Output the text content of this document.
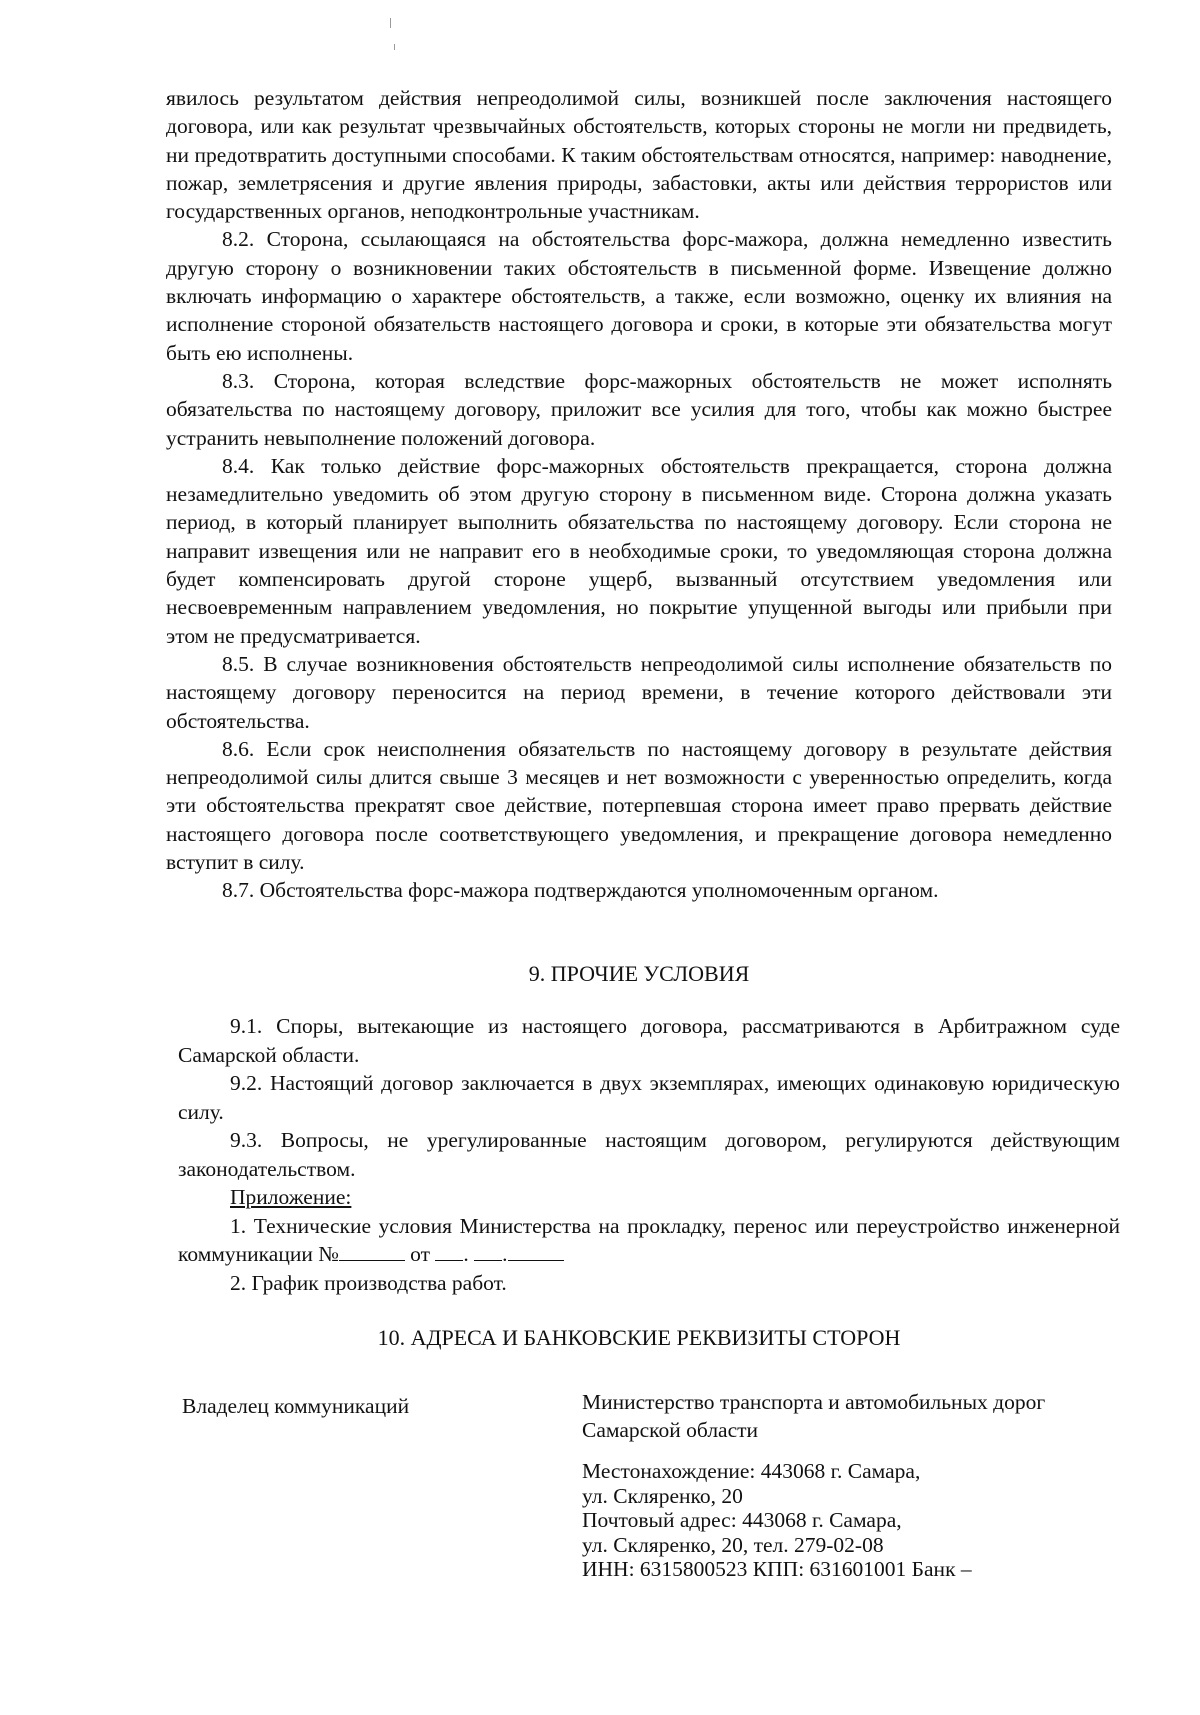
явилось результатом действия непреодолимой силы, возникшей после заключения настоящего договора, или как результат чрезвычайных обстоятельств, которых стороны не могли ни предвидеть, ни предотвратить доступными способами. К таким обстоятельствам относятся, например: наводнение, пожар, землетрясения и другие явления природы, забастовки, акты или действия террористов или государственных органов, неподконтрольные участникам.

8.2. Сторона, ссылающаяся на обстоятельства форс-мажора, должна немедленно известить другую сторону о возникновении таких обстоятельств в письменной форме. Извещение должно включать информацию о характере обстоятельств, а также, если возможно, оценку их влияния на исполнение стороной обязательств настоящего договора и сроки, в которые эти обязательства могут быть ею исполнены.

8.3. Сторона, которая вследствие форс-мажорных обстоятельств не может исполнять обязательства по настоящему договору, приложит все усилия для того, чтобы как можно быстрее устранить невыполнение положений договора.

8.4. Как только действие форс-мажорных обстоятельств прекращается, сторона должна незамедлительно уведомить об этом другую сторону в письменном виде. Сторона должна указать период, в который планирует выполнить обязательства по настоящему договору. Если сторона не направит извещения или не направит его в необходимые сроки, то уведомляющая сторона должна будет компенсировать другой стороне ущерб, вызванный отсутствием уведомления или несвоевременным направлением уведомления, но покрытие упущенной выгоды или прибыли при этом не предусматривается.

8.5. В случае возникновения обстоятельств непреодолимой силы исполнение обязательств по настоящему договору переносится на период времени, в течение которого действовали эти обстоятельства.

8.6. Если срок неисполнения обязательств по настоящему договору в результате действия непреодолимой силы длится свыше 3 месяцев и нет возможности с уверенностью определить, когда эти обстоятельства прекратят свое действие, потерпевшая сторона имеет право прервать действие настоящего договора после соответствующего уведомления, и прекращение договора немедленно вступит в силу.

8.7. Обстоятельства форс-мажора подтверждаются уполномоченным органом.

9. ПРОЧИЕ УСЛОВИЯ

9.1. Споры, вытекающие из настоящего договора, рассматриваются в Арбитражном суде Самарской области.

9.2. Настоящий договор заключается в двух экземплярах, имеющих одинаковую юридическую силу.

9.3. Вопросы, не урегулированные настоящим договором, регулируются действующим законодательством.

Приложение:

1. Технические условия Министерства на прокладку, перенос или переустройство инженерной коммуникации №	от . .

2. График производства работ.

10. АДРЕСА И БАНКОВСКИЕ РЕКВИЗИТЫ СТОРОН
Владелец коммуникаций	Министерство транспорта и автомобильных дорог

Самарской области

Местонахождение: 443068 г. Самара,

ул. Скляренко, 20

Почтовый адрес: 443068 г. Самара,

ул. Скляренко, 20, тел. 279-02-08

ИНН: 6315800523 КПП: 631601001 Банк –
